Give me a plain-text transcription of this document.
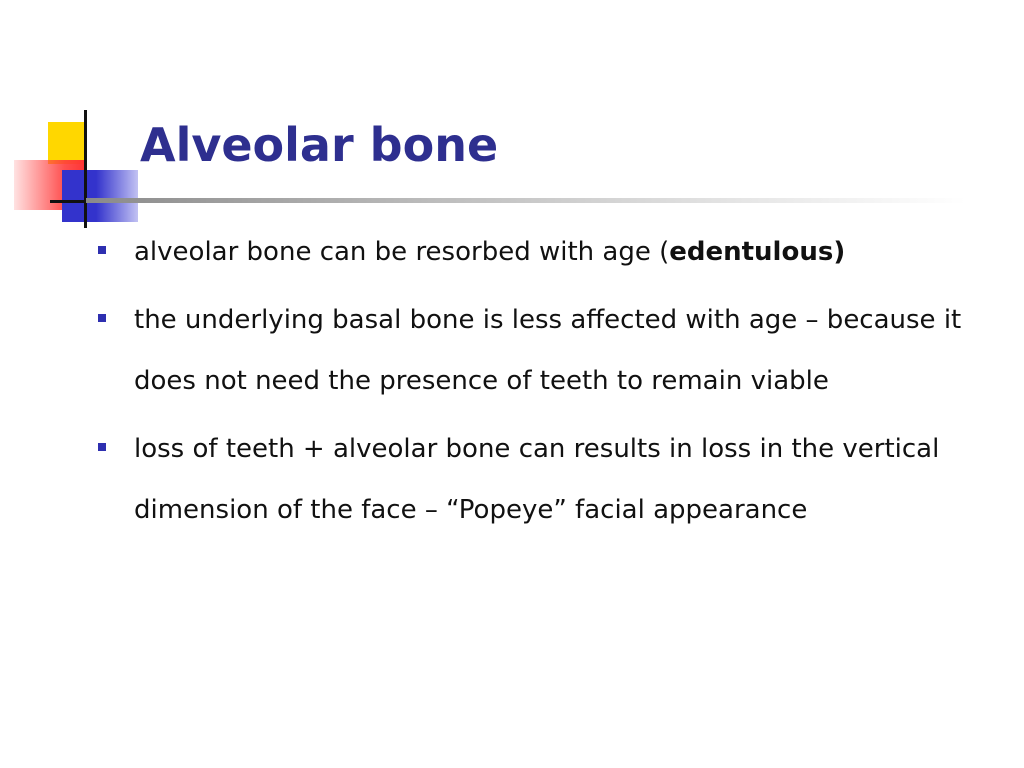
Alveolar bone
alveolar bone can be resorbed with age (edentulous)
the underlying basal bone is less affected with age – because it does not need the presence of teeth to remain viable
loss of teeth + alveolar bone can results in loss in the vertical dimension of the face – “Popeye” facial appearance
